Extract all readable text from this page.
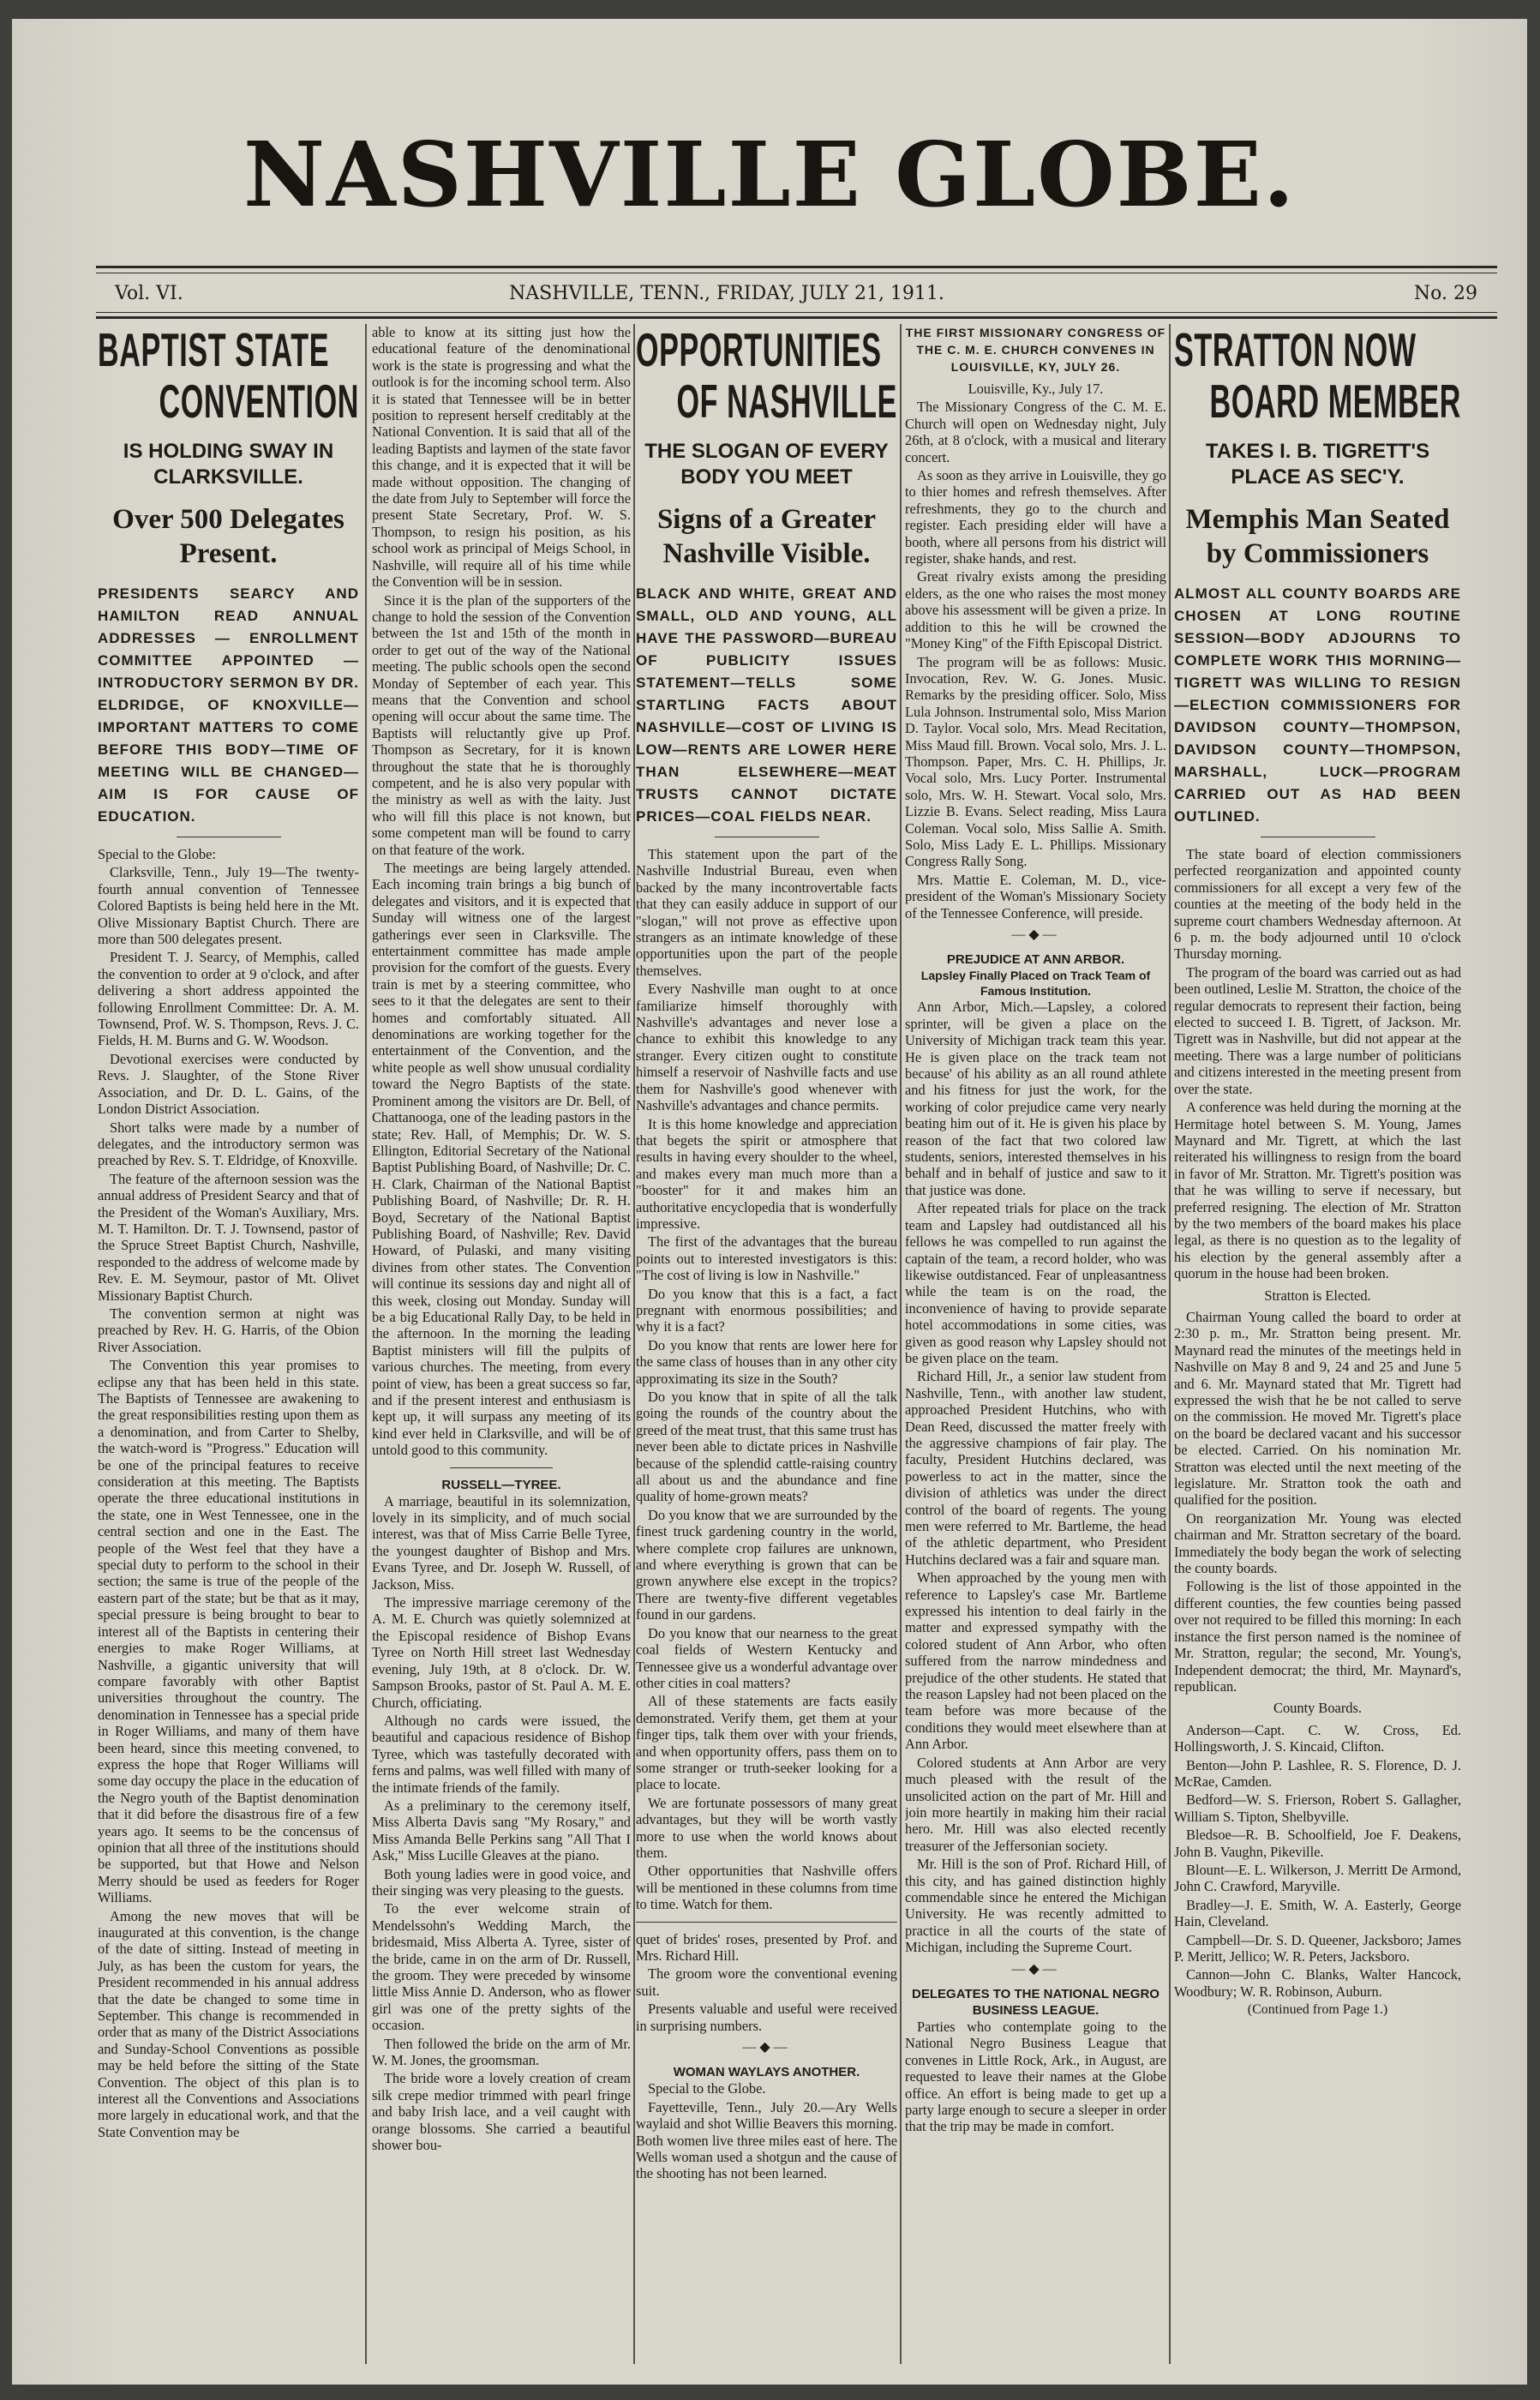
NASHVILLE GLOBE.
Vol. VI.	NASHVILLE, TENN., FRIDAY, JULY 21, 1911.	No. 29
BAPTIST STATE
CONVENTION
IS HOLDING SWAY IN CLARKSVILLE.
Over 500 Delegates Present.
PRESIDENTS SEARCY AND HAMILTON READ ANNUAL ADDRESSES — ENROLLMENT COMMITTEE APPOINTED — INTRODUCTORY SERMON BY DR. ELDRIDGE, OF KNOXVILLE—IMPORTANT MATTERS TO COME BEFORE THIS BODY—TIME OF MEETING WILL BE CHANGED—AIM IS FOR CAUSE OF EDUCATION.

Special to the Globe:

Clarksville, Tenn., July 19—The twenty-fourth annual convention of Tennessee Colored Baptists is being held here in the Mt. Olive Missionary Baptist Church. There are more than 500 delegates present.

President T. J. Searcy, of Memphis, called the convention to order at 9 o'clock, and after delivering a short address appointed the following Enrollment Committee: Dr. A. M. Townsend, Prof. W. S. Thompson, Revs. J. C. Fields, H. M. Burns and G. W. Woodson.

Devotional exercises were conducted by Revs. J. Slaughter, of the Stone River Association, and Dr. D. L. Gains, of the London District Association.

Short talks were made by a number of delegates, and the introductory sermon was preached by Rev. S. T. Eldridge, of Knoxville.

The feature of the afternoon session was the annual address of President Searcy and that of the President of the Woman's Auxiliary, Mrs. M. T. Hamilton. Dr. T. J. Townsend, pastor of the Spruce Street Baptist Church, Nashville, responded to the address of welcome made by Rev. E. M. Seymour, pastor of Mt. Olivet Missionary Baptist Church.

The convention sermon at night was preached by Rev. H. G. Harris, of the Obion River Association.

The Convention this year promises to eclipse any that has been held in this state. The Baptists of Tennessee are awakening to the great responsibilities resting upon them as a denomination, and from Carter to Shelby, the watch-word is "Progress." Education will be one of the principal features to receive consideration at this meeting. The Baptists operate the three educational institutions in the state, one in West Tennessee, one in the central section and one in the East. The people of the West feel that they have a special duty to perform to the school in their section; the same is true of the people of the eastern part of the state; but be that as it may, special pressure is being brought to bear to interest all of the Baptists in centering their energies to make Roger Williams, at Nashville, a gigantic university that will compare favorably with other Baptist universities throughout the country. The denomination in Tennessee has a special pride in Roger Williams, and many of them have been heard, since this meeting convened, to express the hope that Roger Williams will some day occupy the place in the education of the Negro youth of the Baptist denomination that it did before the disastrous fire of a few years ago. It seems to be the concensus of opinion that all three of the institutions should be supported, but that Howe and Nelson Merry should be used as feeders for Roger Williams.

Among the new moves that will be inaugurated at this convention, is the change of the date of sitting. Instead of meeting in July, as has been the custom for years, the President recommended in his annual address that the date be changed to some time in September. This change is recommended in order that as many of the District Associations and Sunday-School Conventions as possible may be held before the sitting of the State Convention. The object of this plan is to interest all the Conventions and Associations more largely in educational work, and that the State Convention may be

able to know at its sitting just how the educational feature of the denominational work is the state is progressing and what the outlook is for the incoming school term. Also it is stated that Tennessee will be in better position to represent herself creditably at the National Convention. It is said that all of the leading Baptists and laymen of the state favor this change, and it is expected that it will be made without opposition. The changing of the date from July to September will force the present State Secretary, Prof. W. S. Thompson, to resign his position, as his school work as principal of Meigs School, in Nashville, will require all of his time while the Convention will be in session.

Since it is the plan of the supporters of the change to hold the session of the Convention between the 1st and 15th of the month in order to get out of the way of the National meeting. The public schools open the second Monday of September of each year. This means that the Convention and school opening will occur about the same time. The Baptists will reluctantly give up Prof. Thompson as Secretary, for it is known throughout the state that he is thoroughly competent, and he is also very popular with the ministry as well as with the laity. Just who will fill this place is not known, but some competent man will be found to carry on that feature of the work.

The meetings are being largely attended. Each incoming train brings a big bunch of delegates and visitors, and it is expected that Sunday will witness one of the largest gatherings ever seen in Clarksville. The entertainment committee has made ample provision for the comfort of the guests. Every train is met by a steering committee, who sees to it that the delegates are sent to their homes and comfortably situated. All denominations are working together for the entertainment of the Convention, and the white people as well show unusual cordiality toward the Negro Baptists of the state. Prominent among the visitors are Dr. Bell, of Chattanooga, one of the leading pastors in the state; Rev. Hall, of Memphis; Dr. W. S. Ellington, Editorial Secretary of the National Baptist Publishing Board, of Nashville; Dr. C. H. Clark, Chairman of the National Baptist Publishing Board, of Nashville; Dr. R. H. Boyd, Secretary of the National Baptist Publishing Board, of Nashville; Rev. David Howard, of Pulaski, and many visiting divines from other states. The Convention will continue its sessions day and night all of this week, closing out Monday. Sunday will be a big Educational Rally Day, to be held in the afternoon. In the morning the leading Baptist ministers will fill the pulpits of various churches. The meeting, from every point of view, has been a great success so far, and if the present interest and enthusiasm is kept up, it will surpass any meeting of its kind ever held in Clarksville, and will be of untold good to this community.

RUSSELL—TYREE.

A marriage, beautiful in its solemnization, lovely in its simplicity, and of much social interest, was that of Miss Carrie Belle Tyree, the youngest daughter of Bishop and Mrs. Evans Tyree, and Dr. Joseph W. Russell, of Jackson, Miss.

The impressive marriage ceremony of the A. M. E. Church was quietly solemnized at the Episcopal residence of Bishop Evans Tyree on North Hill street last Wednesday evening, July 19th, at 8 o'clock. Dr. W. Sampson Brooks, pastor of St. Paul A. M. E. Church, officiating.

Although no cards were issued, the beautiful and capacious residence of Bishop Tyree, which was tastefully decorated with ferns and palms, was well filled with many of the intimate friends of the family.

As a preliminary to the ceremony itself, Miss Alberta Davis sang "My Rosary," and Miss Amanda Belle Perkins sang "All That I Ask," Miss Lucille Gleaves at the piano.

Both young ladies were in good voice, and their singing was very pleasing to the guests.

To the ever welcome strain of Mendelssohn's Wedding March, the bridesmaid, Miss Alberta A. Tyree, sister of the bride, came in on the arm of Dr. Russell, the groom. They were preceded by winsome little Miss Annie D. Anderson, who as flower girl was one of the pretty sights of the occasion.

Then followed the bride on the arm of Mr. W. M. Jones, the groomsman.

The bride wore a lovely creation of cream silk crepe medior trimmed with pearl fringe and baby Irish lace, and a veil caught with orange blossoms. She carried a beautiful shower bou-

OPPORTUNITIES
OF NASHVILLE
THE SLOGAN OF EVERY BODY YOU MEET
Signs of a Greater Nashville Visible.
BLACK AND WHITE, GREAT AND SMALL, OLD AND YOUNG, ALL HAVE THE PASSWORD—BUREAU OF PUBLICITY ISSUES STATEMENT—TELLS SOME STARTLING FACTS ABOUT NASHVILLE—COST OF LIVING IS LOW—RENTS ARE LOWER HERE THAN ELSEWHERE—MEAT TRUSTS CANNOT DICTATE PRICES—COAL FIELDS NEAR.

This statement upon the part of the Nashville Industrial Bureau, even when backed by the many incontrovertable facts that they can easily adduce in support of our "slogan," will not prove as effective upon strangers as an intimate knowledge of these opportunities upon the part of the people themselves.

Every Nashville man ought to at once familiarize himself thoroughly with Nashville's advantages and never lose a chance to exhibit this knowledge to any stranger. Every citizen ought to constitute himself a reservoir of Nashville facts and use them for Nashville's good whenever with Nashville's advantages and chance permits.

It is this home knowledge and appreciation that begets the spirit or atmosphere that results in having every shoulder to the wheel, and makes every man much more than a "booster" for it and makes him an authoritative encyclopedia that is wonderfully impressive.

The first of the advantages that the bureau points out to interested investigators is this: "The cost of living is low in Nashville."

Do you know that this is a fact, a fact pregnant with enormous possibilities; and why it is a fact?

Do you know that rents are lower here for the same class of houses than in any other city approximating its size in the South?

Do you know that in spite of all the talk going the rounds of the country about the greed of the meat trust, that this same trust has never been able to dictate prices in Nashville because of the splendid cattle-raising country all about us and the abundance and fine quality of home-grown meats?

Do you know that we are surrounded by the finest truck gardening country in the world, where complete crop failures are unknown, and where everything is grown that can be grown anywhere else except in the tropics? There are twenty-five different vegetables found in our gardens.

Do you know that our nearness to the great coal fields of Western Kentucky and Tennessee give us a wonderful advantage over other cities in coal matters?

All of these statements are facts easily demonstrated. Verify them, get them at your finger tips, talk them over with your friends, and when opportunity offers, pass them on to some stranger or truth-seeker looking for a place to locate.

We are fortunate possessors of many great advantages, but they will be worth vastly more to use when the world knows about them.

Other opportunities that Nashville offers will be mentioned in these columns from time to time. Watch for them.

quet of brides' roses, presented by Prof. and Mrs. Richard Hill.

The groom wore the conventional evening suit.

Presents valuable and useful were received in surprising numbers.

—◆—
WOMAN WAYLAYS ANOTHER.

Special to the Globe.

Fayetteville, Tenn., July 20.—Ary Wells waylaid and shot Willie Beavers this morning. Both women live three miles east of here. The Wells woman used a shotgun and the cause of the shooting has not been learned.

THE FIRST MISSIONARY CONGRESS OF THE C. M. E. CHURCH CONVENES IN LOUISVILLE, KY, JULY 26.

Louisville, Ky., July 17.

The Missionary Congress of the C. M. E. Church will open on Wednesday night, July 26th, at 8 o'clock, with a musical and literary concert.

As soon as they arrive in Louisville, they go to thier homes and refresh themselves. After refreshments, they go to the church and register. Each presiding elder will have a booth, where all persons from his district will register, shake hands, and rest.

Great rivalry exists among the presiding elders, as the one who raises the most money above his assessment will be given a prize. In addition to this he will be crowned the "Money King" of the Fifth Episcopal District.

The program will be as follows: Music. Invocation, Rev. W. G. Jones. Music. Remarks by the presiding officer. Solo, Miss Lula Johnson. Instrumental solo, Miss Marion D. Taylor. Vocal solo, Mrs. Mead Recitation, Miss Maud fill. Brown. Vocal solo, Mrs. J. L. Thompson. Paper, Mrs. C. H. Phillips, Jr. Vocal solo, Mrs. Lucy Porter. Instrumental solo, Mrs. W. H. Stewart. Vocal solo, Mrs. Lizzie B. Evans. Select reading, Miss Laura Coleman. Vocal solo, Miss Sallie A. Smith. Solo, Miss Lady E. L. Phillips. Missionary Congress Rally Song.

Mrs. Mattie E. Coleman, M. D., vice-president of the Woman's Missionary Society of the Tennessee Conference, will preside.

—◆—
PREJUDICE AT ANN ARBOR.
Lapsley Finally Placed on Track Team of Famous Institution.

Ann Arbor, Mich.—Lapsley, a colored sprinter, will be given a place on the University of Michigan track team this year. He is given place on the track team not because' of his ability as an all round athlete and his fitness for just the work, for the working of color prejudice came very nearly beating him out of it. He is given his place by reason of the fact that two colored law students, seniors, interested themselves in his behalf and in behalf of justice and saw to it that justice was done.

After repeated trials for place on the track team and Lapsley had outdistanced all his fellows he was compelled to run against the captain of the team, a record holder, who was likewise outdistanced. Fear of unpleasantness while the team is on the road, the inconvenience of having to provide separate hotel accommodations in some cities, was given as good reason why Lapsley should not be given place on the team.

Richard Hill, Jr., a senior law student from Nashville, Tenn., with another law student, approached President Hutchins, who with Dean Reed, discussed the matter freely with the aggressive champions of fair play. The faculty, President Hutchins declared, was powerless to act in the matter, since the division of athletics was under the direct control of the board of regents. The young men were referred to Mr. Bartleme, the head of the athletic department, who President Hutchins declared was a fair and square man.

When approached by the young men with reference to Lapsley's case Mr. Bartleme expressed his intention to deal fairly in the matter and expressed sympathy with the colored student of Ann Arbor, who often suffered from the narrow mindedness and prejudice of the other students. He stated that the reason Lapsley had not been placed on the team before was more because of the conditions they would meet elsewhere than at Ann Arbor.

Colored students at Ann Arbor are very much pleased with the result of the unsolicited action on the part of Mr. Hill and join more heartily in making him their racial hero. Mr. Hill was also elected recently treasurer of the Jeffersonian society.

Mr. Hill is the son of Prof. Richard Hill, of this city, and has gained distinction highly commendable since he entered the Michigan University. He was recently admitted to practice in all the courts of the state of Michigan, including the Supreme Court.

—◆—
DELEGATES TO THE NATIONAL NEGRO BUSINESS LEAGUE.

Parties who contemplate going to the National Negro Business League that convenes in Little Rock, Ark., in August, are requested to leave their names at the Globe office. An effort is being made to get up a party large enough to secure a sleeper in order that the trip may be made in comfort.

STRATTON NOW
BOARD MEMBER
TAKES I. B. TIGRETT'S PLACE AS SEC'Y.
Memphis Man Seated by Commissioners
ALMOST ALL COUNTY BOARDS ARE CHOSEN AT LONG ROUTINE SESSION—BODY ADJOURNS TO COMPLETE WORK THIS MORNING—TIGRETT WAS WILLING TO RESIGN—ELECTION COMMISSIONERS FOR DAVIDSON COUNTY—THOMPSON, DAVIDSON COUNTY—THOMPSON, MARSHALL, LUCK—PROGRAM CARRIED OUT AS HAD BEEN OUTLINED.

The state board of election commissioners perfected reorganization and appointed county commissioners for all except a very few of the counties at the meeting of the body held in the supreme court chambers Wednesday afternoon. At 6 p. m. the body adjourned until 10 o'clock Thursday morning.

The program of the board was carried out as had been outlined, Leslie M. Stratton, the choice of the regular democrats to represent their faction, being elected to succeed I. B. Tigrett, of Jackson. Mr. Tigrett was in Nashville, but did not appear at the meeting. There was a large number of politicians and citizens interested in the meeting present from over the state.

A conference was held during the morning at the Hermitage hotel between S. M. Young, James Maynard and Mr. Tigrett, at which the last reiterated his willingness to resign from the board in favor of Mr. Stratton. Mr. Tigrett's position was that he was willing to serve if necessary, but preferred resigning. The election of Mr. Stratton by the two members of the board makes his place legal, as there is no question as to the legality of his election by the general assembly after a quorum in the house had been broken.

Stratton is Elected.

Chairman Young called the board to order at 2:30 p. m., Mr. Stratton being present. Mr. Maynard read the minutes of the meetings held in Nashville on May 8 and 9, 24 and 25 and June 5 and 6. Mr. Maynard stated that Mr. Tigrett had expressed the wish that he be not called to serve on the commission. He moved Mr. Tigrett's place on the board be declared vacant and his successor be elected. Carried. On his nomination Mr. Stratton was elected until the next meeting of the legislature. Mr. Stratton took the oath and qualified for the position.

On reorganization Mr. Young was elected chairman and Mr. Stratton secretary of the board. Immediately the body began the work of selecting the county boards.

Following is the list of those appointed in the different counties, the few counties being passed over not required to be filled this morning: In each instance the first person named is the nominee of Mr. Stratton, regular; the second, Mr. Young's, Independent democrat; the third, Mr. Maynard's, republican.

County Boards.

Anderson—Capt. C. W. Cross, Ed. Hollingsworth, J. S. Kincaid, Clifton.

Benton—John P. Lashlee, R. S. Florence, D. J. McRae, Camden.

Bedford—W. S. Frierson, Robert S. Gallagher, William S. Tipton, Shelbyville.

Bledsoe—R. B. Schoolfield, Joe F. Deakens, John B. Vaughn, Pikeville.

Blount—E. L. Wilkerson, J. Merritt De Armond, John C. Crawford, Maryville.

Bradley—J. E. Smith, W. A. Easterly, George Hain, Cleveland.

Campbell—Dr. S. D. Queener, Jacksboro; James P. Meritt, Jellico; W. R. Peters, Jacksboro.

Cannon—John C. Blanks, Walter Hancock, Woodbury; W. R. Robinson, Auburn.

(Continued from Page 1.)
